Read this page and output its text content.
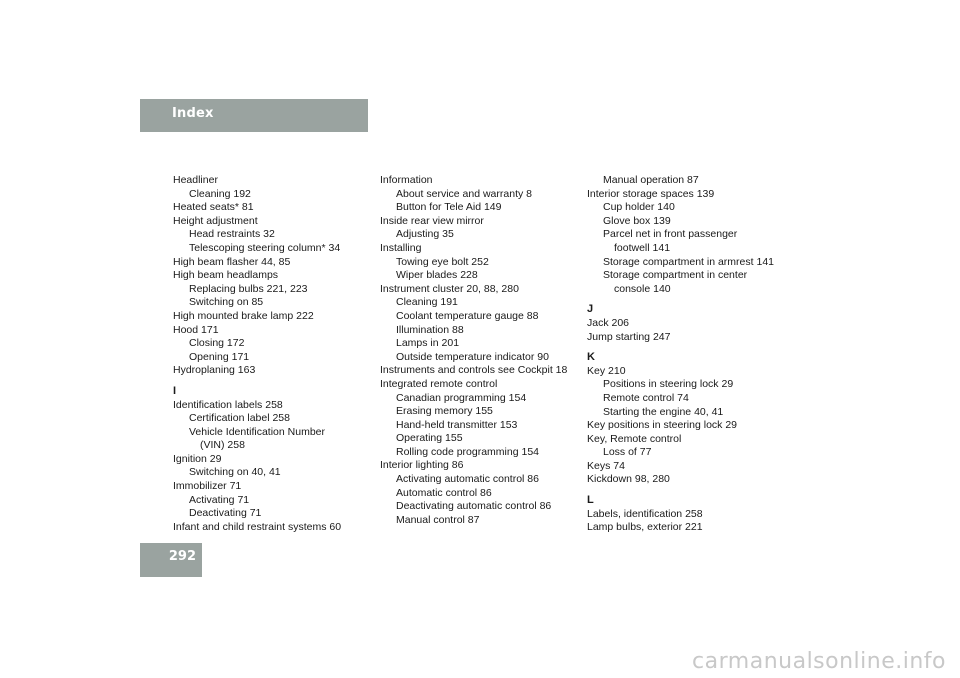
Index
Headliner
Cleaning 192
Heated seats* 81
Height adjustment
Head restraints 32
Telescoping steering column* 34
High beam flasher 44, 85
High beam headlamps
Replacing bulbs 221, 223
Switching on 85
High mounted brake lamp 222
Hood 171
Closing 172
Opening 171
Hydroplaning 163
I
Identification labels 258
Certification label 258
Vehicle Identification Number
(VIN) 258
Ignition 29
Switching on 40, 41
Immobilizer 71
Activating 71
Deactivating 71
Infant and child restraint systems 60
Information
About service and warranty 8
Button for Tele Aid 149
Inside rear view mirror
Adjusting 35
Installing
Towing eye bolt 252
Wiper blades 228
Instrument cluster 20, 88, 280
Cleaning 191
Coolant temperature gauge 88
Illumination 88
Lamps in 201
Outside temperature indicator 90
Instruments and controls see Cockpit 18
Integrated remote control
Canadian programming 154
Erasing memory 155
Hand-held transmitter 153
Operating 155
Rolling code programming 154
Interior lighting 86
Activating automatic control 86
Automatic control 86
Deactivating automatic control 86
Manual control 87
Manual operation 87
Interior storage spaces 139
Cup holder 140
Glove box 139
Parcel net in front passenger
footwell 141
Storage compartment in armrest 141
Storage compartment in center
console 140
J
Jack 206
Jump starting 247
K
Key 210
Positions in steering lock 29
Remote control 74
Starting the engine 40, 41
Key positions in steering lock 29
Key, Remote control
Loss of 77
Keys 74
Kickdown 98, 280
L
Labels, identification 258
Lamp bulbs, exterior 221
292
carmanualsonline.info
